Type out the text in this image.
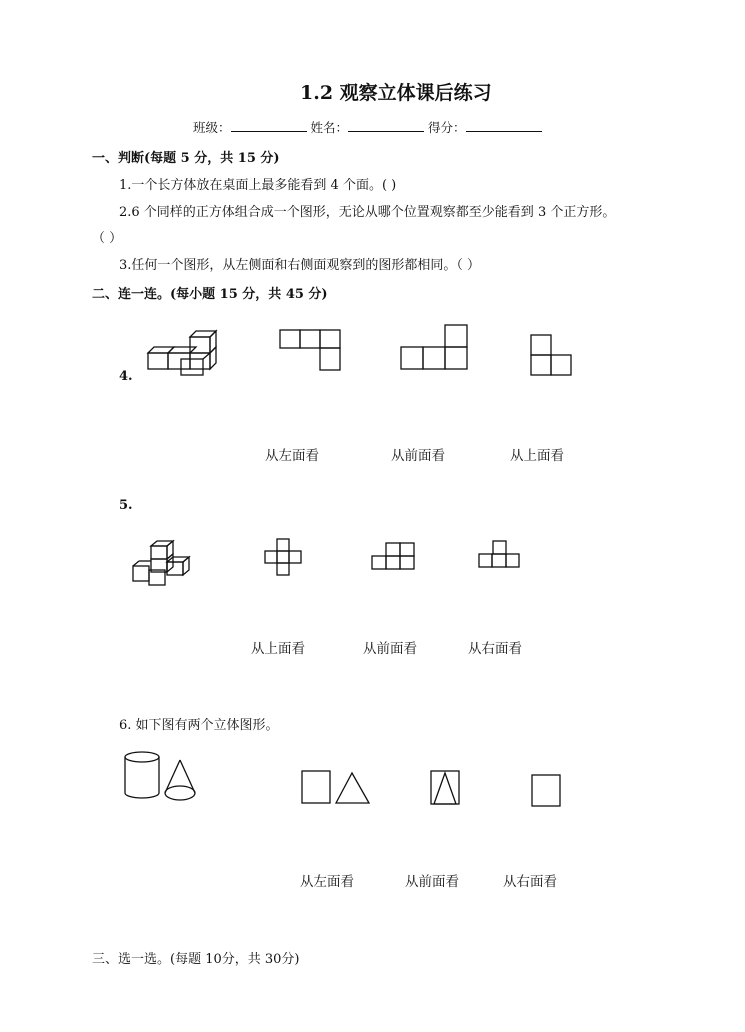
1.2 观察立体课后练习
班级：	姓名：	得分：
一、判断(每题 5 分，共 15 分)
1.一个长方体放在桌面上最多能看到 4 个面。( )
2.6 个同样的正方体组合成一个图形，无论从哪个位置观察都至少能看到 3 个正方形。
（ ）
3.任何一个图形，从左侧面和右侧面观察到的图形都相同。（ ）
二、连一连。(每小题 15 分，共 45 分)
4.
从左面看	从前面看	从上面看
5.
从上面看	从前面看	从右面看
6. 如下图有两个立体图形。
从左面看	从前面看	从右面看
三、选一选。(每题 10分，共 30分)
